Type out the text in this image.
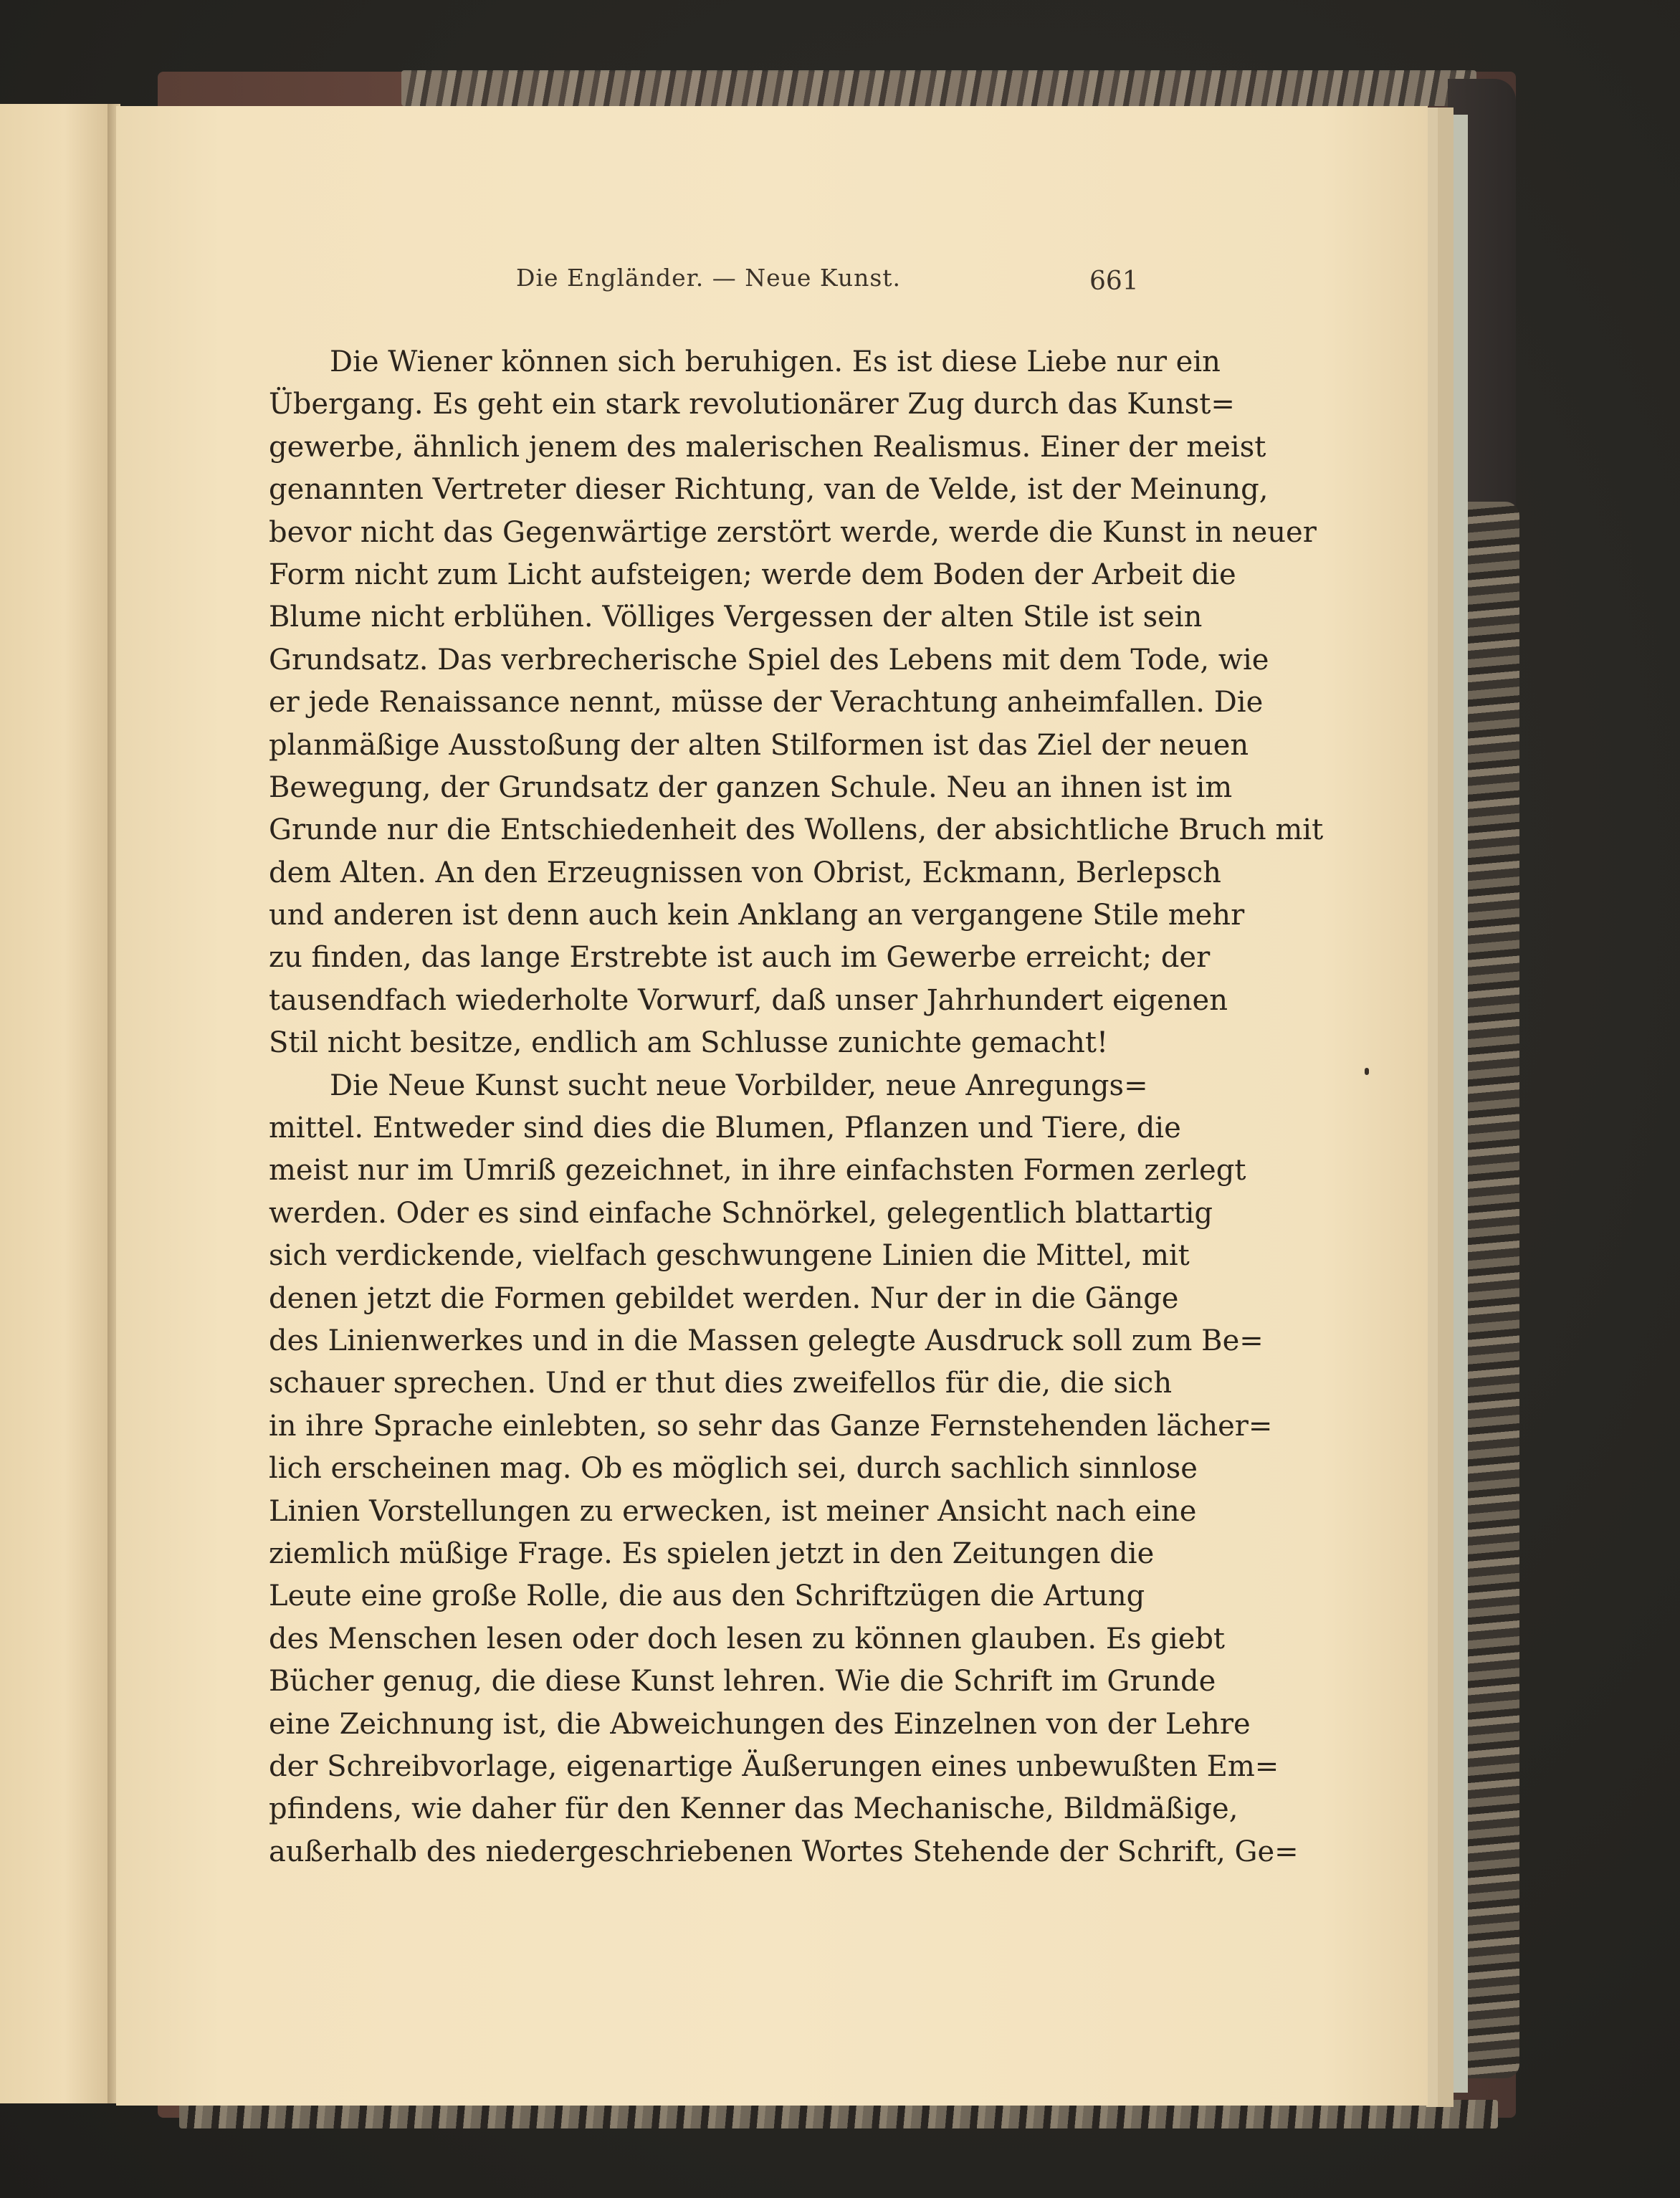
Die Engländer. — Neue Kunst.	661
Die Wiener können sich beruhigen. Es ist diese Liebe nur ein
Übergang. Es geht ein stark revolutionärer Zug durch das Kunst=
gewerbe, ähnlich jenem des malerischen Realismus. Einer der meist
genannten Vertreter dieser Richtung, van de Velde, ist der Meinung,
bevor nicht das Gegenwärtige zerstört werde, werde die Kunst in neuer
Form nicht zum Licht aufsteigen; werde dem Boden der Arbeit die
Blume nicht erblühen. Völliges Vergessen der alten Stile ist sein
Grundsatz. Das verbrecherische Spiel des Lebens mit dem Tode, wie
er jede Renaissance nennt, müsse der Verachtung anheimfallen. Die
planmäßige Ausstoßung der alten Stilformen ist das Ziel der neuen
Bewegung, der Grundsatz der ganzen Schule. Neu an ihnen ist im
Grunde nur die Entschiedenheit des Wollens, der absichtliche Bruch mit
dem Alten. An den Erzeugnissen von Obrist, Eckmann, Berlepsch
und anderen ist denn auch kein Anklang an vergangene Stile mehr
zu finden, das lange Erstrebte ist auch im Gewerbe erreicht; der
tausendfach wiederholte Vorwurf, daß unser Jahrhundert eigenen
Stil nicht besitze, endlich am Schlusse zunichte gemacht!
Die Neue Kunst sucht neue Vorbilder, neue Anregungs=
mittel. Entweder sind dies die Blumen, Pflanzen und Tiere, die
meist nur im Umriß gezeichnet, in ihre einfachsten Formen zerlegt
werden. Oder es sind einfache Schnörkel, gelegentlich blattartig
sich verdickende, vielfach geschwungene Linien die Mittel, mit
denen jetzt die Formen gebildet werden. Nur der in die Gänge
des Linienwerkes und in die Massen gelegte Ausdruck soll zum Be=
schauer sprechen. Und er thut dies zweifellos für die, die sich
in ihre Sprache einlebten, so sehr das Ganze Fernstehenden lächer=
lich erscheinen mag. Ob es möglich sei, durch sachlich sinnlose
Linien Vorstellungen zu erwecken, ist meiner Ansicht nach eine
ziemlich müßige Frage. Es spielen jetzt in den Zeitungen die
Leute eine große Rolle, die aus den Schriftzügen die Artung
des Menschen lesen oder doch lesen zu können glauben. Es giebt
Bücher genug, die diese Kunst lehren. Wie die Schrift im Grunde
eine Zeichnung ist, die Abweichungen des Einzelnen von der Lehre
der Schreibvorlage, eigenartige Äußerungen eines unbewußten Em=
pfindens, wie daher für den Kenner das Mechanische, Bildmäßige,
außerhalb des niedergeschriebenen Wortes Stehende der Schrift, Ge=
